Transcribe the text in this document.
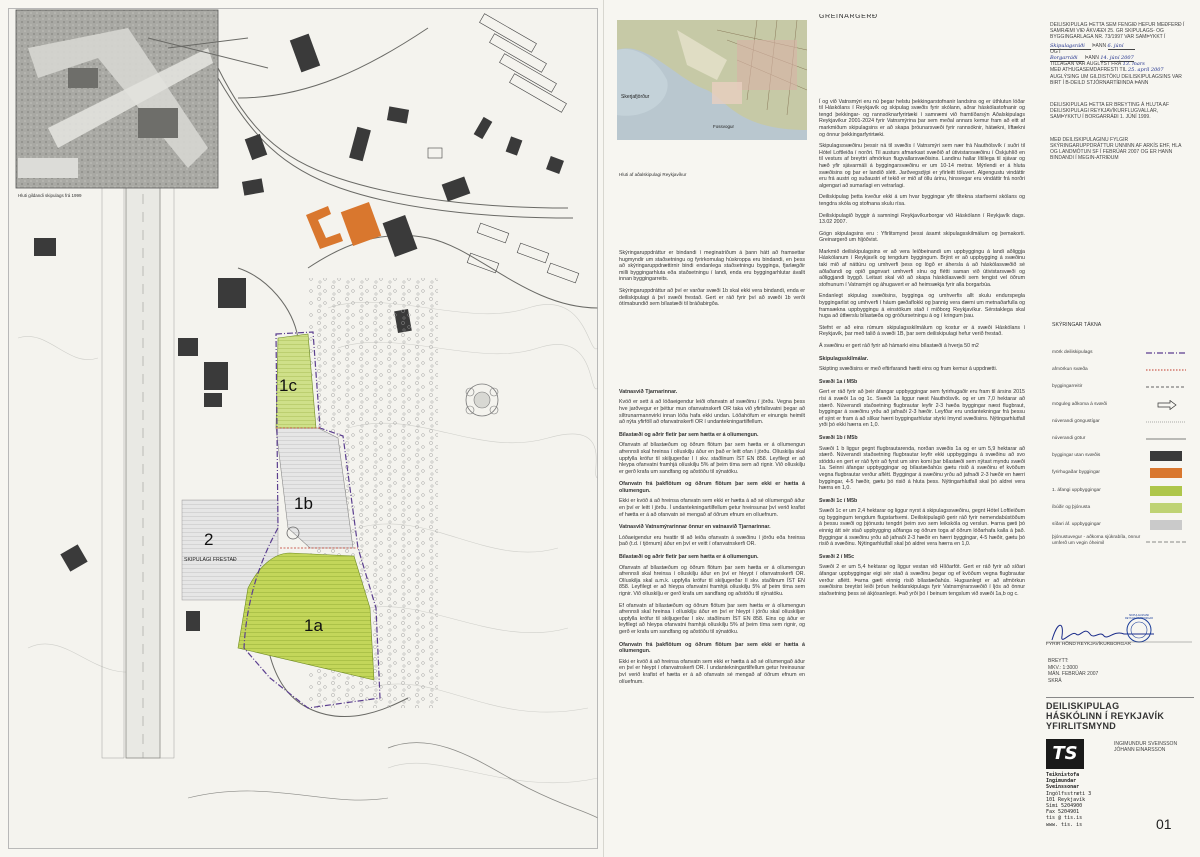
Hluti gildandi skipulags frá 1999
1c
1b
1a
2
SKIPULAGI FRESTAÐ
Skerjafjörður
Fossvogur
Hluti af aðalskipulagi Reykjavíkur

Skýringaruppdráttur er bindandi í meginatriðum á þann hátt að framsettar hugmyndir um staðsetningu og fyrirkomulag húskroppa eru bindandi, en þess að skýringaruppdrættirnir bindi endanlega staðsetningu bygginga, fjarlægðir milli byggingarhluta eða staðsetningu í landi, enda eru byggingarhlutar ávallt innan byggingarreits.

Skýringaruppdráttur að því er varðar svæði 1b skal ekki vera bindandi, enda er deiliskipulagi á því svæði frestað. Gert er ráð fyrir því að svæði 1b verði ótímabundið sem bílastæði til bráðabirgða.

Vatnasvið Tjarnarinnar.

Kvöð er sett á að lóðaeigendur leiði ofanvatn af svæðinu í jörðu. Vegna þess hve jarðvegur er þéttur mun ofanvatnskerfi OR taka við yfirfallsvatni þegar að síltrunarmannvirki innan lóða hafa ekki undan. Lóðahöfum er einungis heimilt að nýta yfirföll að ofanvatnskerfi OR í undantekningartilfellum.

Bílastæði og aðrir fletir þar sem hætta er á olíumengun.

Ofanvatn af bílastæðum og öðrum flötum þar sem hætta er á olíumengun afrennsli skal hreinsa í olíuskilju áður en það er leitt ofan í jörðu. Olíuskilja skal uppfylla kröfur til skiljugerðar I í skv. staðlinum ÍST EN 858. Leyfilegt er að hleypa ofanvatni framhjá olíuskilju 5% af þeim tíma sem að rignir. Við olíuskilju er gerð krafa um sandfang og aðstöðu til sýnatöku.

Ofanvatn frá þakflötum og öðrum flötum þar sem ekki er hætta á olíumengun.

Ekki er kvöð á að hreinsa ofanvatn sem ekki er hætta á að sé olíumengað áður en því er leitt í jörðu. Í undantekningartilfellum getur hreinsunar því verið krafist ef hætta er á að ofanvatn sé mengað af öðrum efnum en olíuefnum.

Vatnasvið Vatnsmýrarinnar önnur en vatnasvið Tjarnarinnar.

Lóðaeigendur eru hvattir til að leiða ofanvatn á svæðinu í jörðu eða hreinsa það (t.d. í tjörnum) áður en því er veitt í ofanvatnskerfi OR.

Bílastæði og aðrir fletir þar sem hætta er á olíumengun.

Ofanvatn af bílastæðum og öðrum flötum þar sem hætta er á olíumengun afrennsli skal hreinsa í olíuskilju áður en því er hleypt í ofanvatnskerfi OR. Olíuskilja skal a.m.k. uppfylla kröfur til skiljugerðar II skv. staðlinum ÍST EN 858. Leyfilegt er að hleypa ofanvatni framhjá olíuskilju 5% af þeim tíma sem rignir. Við olíuskilju er gerð krafa um sandfang og aðstöðu til sýnatöku.

Ef ofanvatn af bílastæðum og öðrum flötum þar sem hætta er á olíumengun afrennsli skal hreinsa í olíuskilju áður en því er hleypt í jörðu skal olíuskiljan uppfylla kröfur til skiljugerðar I skv. staðlinum ÍST EN 858. Eins og áður er leyfilegt að hleypa ofanvatni framhjá olíuskilju 5% af þeim tíma sem rignir, og gerð er krafa um sandfang og aðstöðu til sýnatöku.

Ofanvatn frá þakflötum og öðrum flötum þar sem ekki er hætta á olíumengun.

Ekki er kvöð á að hreinsa ofanvatn sem ekki er hætta á að sé olíumengað áður en því er hleypt í ofanvatnskerfi OR. Í undantekningartilfellum getur hreinsunar því verið krafist ef hætta er á að ofanvatn sé mengað af öðrum efnum en olíuefnum.

GREINARGERÐ

Í og við Vatnsmýri eru nú þegar helstu þekkingarstofnanir landsins og er úthlutun lóðar til Háskólans í Reykjavík og skipulag svæðis fyrir skólann, aðrar háskólastofnanir og tengd þekkingar- og rannsóknarfyrirtæki í samræmi við framtíðarsýn Aðalskipulags Reykjavíkur 2001-2024 fyrir Vatnsmýrina þar sem meðal annars kemur fram að eitt af markmiðum skipulagsins er að skapa þróunarsvæði fyrir rannsóknir, hátækni, líftækni og önnur þekkingarfyrirtæki.

Skipulagssvæðinu þessir ná til svæðis í Vatnsmýri sem nær frá Nauthólsvík í suðri til Hótel Loftleiða í norðri. Til austurs afmarkast svæðið af útivistarsvæðinu í Öskjuhlíð en til vesturs af breyttri afmörkun flugvallarsvæðisins. Landinu hallar lítillega til sjávar og hæð yfir sjávarmáli á byggingarsvæðinu er um 10-14 metrar. Mýrlendi er á hluta svæðisins og þar er landið slétt. Jarðvegsdýpi er yfirleitt töluvert. Algengustu vindáttir eru frá austri og suðaustri ef tekið er mið af öllu árinu, hinsvegar eru vindáttir frá norðri algengari að sumarlagi en vetrarlagi.

Deiliskipulag þetta kveður ekki á um hvar byggingar yfir tiltekna starfsemi skólans og tengdra skóla og stofnana skulu rísa.

Deiliskipulagið byggir á samningi Reykjavíkurborgar við Háskólann í Reykjavík dags. 13.02 2007.

Gögn skipulagsins eru : Yfirlitsmynd þessi ásamt skipulagsskilmálum og þemakorti. Greinargerð um hljóðvist.

Markmið deiliskipulagsins er að vera leiðbeinandi um uppbyggingu á landi aðliggja Háskólanum í Reykjavík og tengdum byggingum. Brýnt er að uppbygging á svæðinu taki mið af náttúru og umhverfi þess og lögð er áhersla á að háskólasvæðið sé aðlaðandi og opið gagnvart umhverfi sínu og flétti saman við útivistarsvæði og aðliggjandi byggð. Leitast skal við að skapa háskólasvæði sem tengist vel öðrum stofnunum í Vatnsmýri og áhugavert er að heimsækja fyrir alla borgarbúa.

Endanlegt skipulag svæðisins, bygginga og umhverfis allt skulu endurspegla byggingarlist og umhverfi í háum gæðaflokki og þannig vera dæmi um metnaðarfulla og framsækna uppbyggingu á einstökum stað í miðborg Reykjavíkur. Sérstaklega skal huga að útfærslu bílastæða og gróðursetningu á og í kringum þau.

Stefnt er að eins rúmum skipulagsskilmálum og kostur er á svæði Háskólans í Reykjavík, þar með talið á svæði 1B, þar sem deiliskipulagi hefur verið frestað.

Á svæðinu er gert ráð fyrir að hámarki einu bílastæði á hverja 50 m2

Skipulagsskilmálar.

Skipting svæðisins er með eftirfarandi hætti eins og fram kemur á uppdrætti.

Svæði 1a í M5b

Gert er ráð fyrir að þeir áfangar uppbyggingar sem fyrirhugaðir eru fram til ársins 2015 rísi á svæði 1a og 1c. Svæði 1a liggur næst Nauthólsvík. og er um 7,0 hektarar að stærð. Núverandi staðsetning flugbrautar leyfir 2-3 hæða byggingar næst flugbraut, byggingar á svæðinu yrðu að jafnaði 2-3 hæðir. Leyfðar eru undantekningar frá þessu ef sýnt er fram á að slíkar hærri byggingarhlutar styrki ímynd svæðisins. Nýtingarhlutfall yrði þó ekki hærra en 1,0.

Svæði 1b í M5b

Svæði 1 b liggur gegnt flugbrautarenda, norðan svæðis 1a og er um 5,9 hektarar að stærð. Núverandi staðsetning flugbrautar leyfir ekki uppbyggingu á svæðinu að svo stöddu en gert er ráð fyrir að fyrst um sinn komi þar bílastæði sem nýtast myndu svæði 1a. Seinni áfangar uppbyggingar og bílastæðahús gætu risið á svæðinu ef kvöðum vegna flugbrautar verður aflétt. Byggingar á svæðinu yrðu að jafnaði 2-3 hæðir en hærri byggingar, 4-5 hæðir, gætu þó risið á hluta þess. Nýtingarhlutfall skal þó aldrei vera hærra en 1,0.

Svæði 1c í M5b

Svæði 1c er um 2,4 hektarar og liggur nyrst á skipulagssvæðinu, gegnt Hótel Loftleiðum og byggingum tengdum flugstarfsemi. Deiliskipulagið gerir ráð fyrir nemendabústöðum á þessu svæði og þjónustu tengdri þeim svo sem leikskóla og verslun. Þarna gæti þó einnig átt sér stað uppbygging aðfanga og öðrum toga af öðrum lóðarhafa kalla á það. Byggingar á svæðinu yrðu að jafnaði 2-3 hæðir en hærri byggingar, 4-5 hæðir, gætu þó risið á svæðinu. Nýtingarhlutfall skal þó aldrei vera hærra en 1,0.

Svæði 2 í M5c

Svæði 2 er um 5,4 hektarar og liggur vestan við Hlíðarfót. Gert er ráð fyrir að síðari áfangar uppbyggingar eigi sér stað á svæðinu þegar og ef kvöðum vegna flugbrautar verður aflétt. Þarna gæti einnig risið bílastæðahús. Hugsanlegt er að afmörkun svæðisins breytist leiði þróun heildarskipulags fyrir Vatnsmýrarsvæðið í ljós að önnur staðsetning þess sé ákjósanlegri. Það yrði þó í beinum tengslum við svæði 1a,b og c.

DEILISKIPULAG ÞETTA SEM FENGIÐ HEFUR MEÐFERÐ Í SAMRÆMI VIÐ ÁKVÆÐI 25. GR SKIPULAGS- OG BYGGINGARLAGA NR. 73/1997 VAR SAMÞYKKT Í
Skipulagsráði ÞANN 6. júní
OG Í
Borgarráði ÞANN 14. júní 2007
TILLAGAN VAR AUGLÝST FRÁ 13. mars
MEÐ ATHUGASEMDAFRESTI TIL 25. apríl 2007
AUGLÝSING UM GILDISTÖKU DEILISKIPULAGSINS VAR BIRT Í B-DEILD STJÓRNARTÍÐINDA ÞANN
DEILISKIPULAG ÞETTA ER BREYTING Á HLUTA AF DEILISKIPULAGI REYKJAVÍKURFLUGVALLAR, SAMÞYKKTU Í BORGARRÁÐI 1. JÚNÍ 1999.
MEÐ DEILISKIPULAGINU FYLGIR SKÝRINGARUPPDRÁTTUR UNNINN AF ARKÍS EHF, HLA OG LANDMÓTUN SF Í FEBRÚAR 2007 OG ER HANN BINDANDI Í MEGIN-ATRIÐUM
SKÝRINGAR TÁKNA
mörk deiliskipulags
afmörkun svæða
byggingarreitir
möguleg aðkoma á svæði
núverandi göngustígar
núverandi götur
byggingar utan svæðis
fyrirhugaðar byggingar
1. áfangi uppbyggingar
íbúðir og þjónusta
síðari áf. uppbyggingar
þjónustuvegur - aðkoma sjúkrabíla, önnur umferð um vegin óheimil
SKIPULAGSSVIÐ REYKJAVÍKURBORGAR
FYRIR HÖND REYKJAVÍKURBORGAR
BREYTT:
MKV.: 1:3000
MÁN. FEBRÚAR 2007
SKRÁ
DEILISKIPULAG
HÁSKÓLINN Í REYKJAVÍK
YFIRLITSMYND
INGIMUNDUR SVEINSSON
JÓHANN EINARSSON
TS
Teiknistofa Ingimundar Sveinssonar
Ingólfsstræti 3
101 Reykjavík
Sími 5204900
Fax 5204901
tis @ tis.is
www. tis. is	01
